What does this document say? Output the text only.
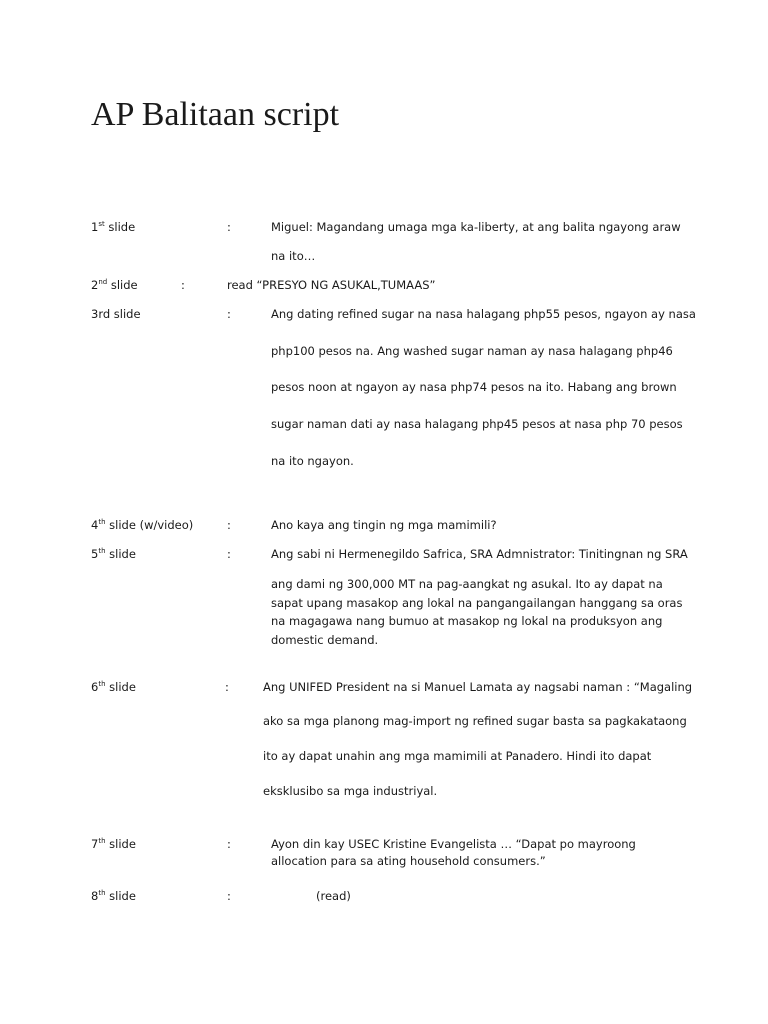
AP Balitaan script
1st slide	:	Miguel: Magandang umaga mga ka-liberty, at ang balita ngayong araw
na ito…
2nd slide	:	read “PRESYO NG ASUKAL,TUMAAS”
3rd slide	:	Ang dating refined sugar na nasa halagang php55 pesos, ngayon ay nasa
php100 pesos na. Ang washed sugar naman ay nasa halagang php46
pesos noon at ngayon ay nasa php74 pesos na ito. Habang ang brown
sugar naman dati ay nasa halagang php45 pesos at nasa php 70 pesos
na ito ngayon.
4th slide (w/video)	:	Ano kaya ang tingin ng mga mamimili?
5th slide	:	Ang sabi ni Hermenegildo Safrica, SRA Admnistrator: Tinitingnan ng SRA
ang dami ng 300,000 MT na pag-aangkat ng asukal. Ito ay dapat na
sapat upang masakop ang lokal na pangangailangan hanggang sa oras
na magagawa nang bumuo at masakop ng lokal na produksyon ang
domestic demand.
6th slide	:	Ang UNIFED President na si Manuel Lamata ay nagsabi naman : “Magaling
ako sa mga planong mag-import ng refined sugar basta sa pagkakataong
ito ay dapat unahin ang mga mamimili at Panadero. Hindi ito dapat
eksklusibo sa mga industriyal.
7th slide	:	Ayon din kay USEC Kristine Evangelista … “Dapat po mayroong
allocation para sa ating household consumers.”
8th slide	:	(read)
